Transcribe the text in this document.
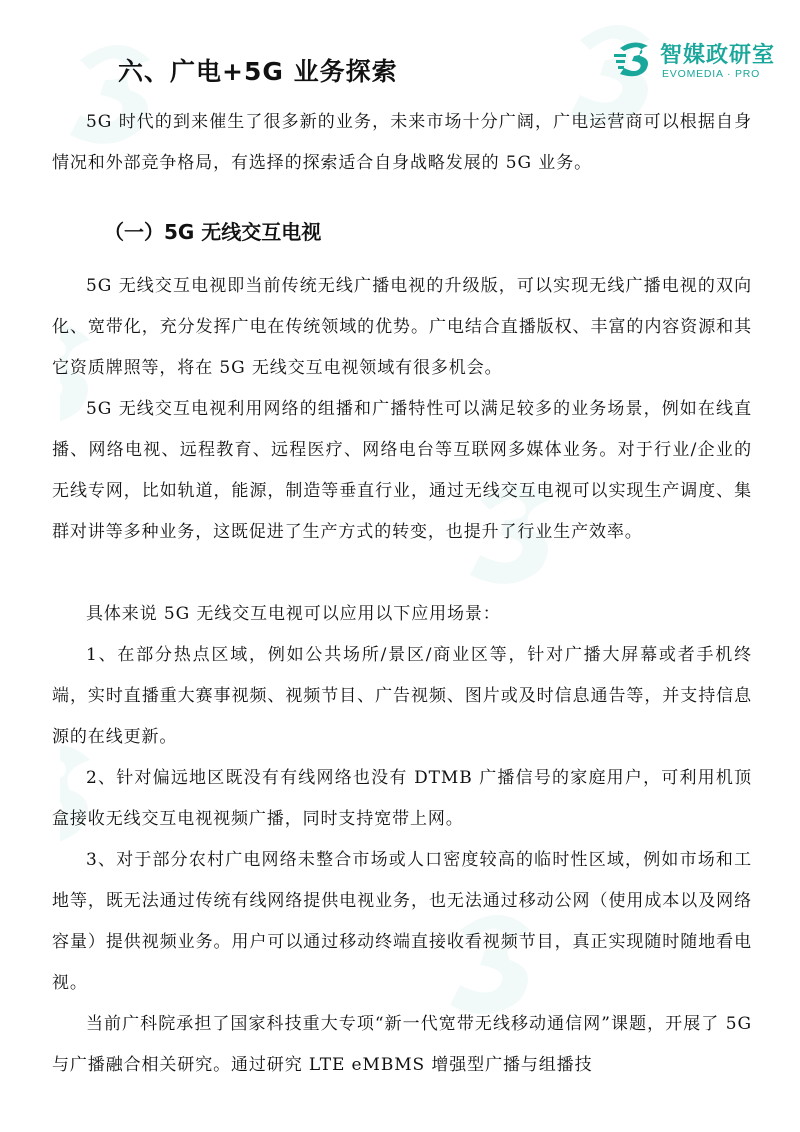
智媒政研室
EVOMEDIA · PRO
六、广电+5G 业务探索

5G 时代的到来催生了很多新的业务，未来市场十分广阔，广电运营商可以根据自身情况和外部竞争格局，有选择的探索适合自身战略发展的 5G 业务。

（一）5G 无线交互电视

5G 无线交互电视即当前传统无线广播电视的升级版，可以实现无线广播电视的双向化、宽带化，充分发挥广电在传统领域的优势。广电结合直播版权、丰富的内容资源和其它资质牌照等，将在 5G 无线交互电视领域有很多机会。

5G 无线交互电视利用网络的组播和广播特性可以满足较多的业务场景，例如在线直播、网络电视、远程教育、远程医疗、网络电台等互联网多媒体业务。对于行业/企业的无线专网，比如轨道，能源，制造等垂直行业，通过无线交互电视可以实现生产调度、集群对讲等多种业务，这既促进了生产方式的转变，也提升了行业生产效率。

具体来说 5G 无线交互电视可以应用以下应用场景：

1、在部分热点区域，例如公共场所/景区/商业区等，针对广播大屏幕或者手机终端，实时直播重大赛事视频、视频节目、广告视频、图片或及时信息通告等，并支持信息源的在线更新。

2、针对偏远地区既没有有线网络也没有 DTMB 广播信号的家庭用户，可利用机顶盒接收无线交互电视视频广播，同时支持宽带上网。

3、对于部分农村广电网络未整合市场或人口密度较高的临时性区域，例如市场和工地等，既无法通过传统有线网络提供电视业务，也无法通过移动公网（使用成本以及网络容量）提供视频业务。用户可以通过移动终端直接收看视频节目，真正实现随时随地看电视。

当前广科院承担了国家科技重大专项“新一代宽带无线移动通信网”课题，开展了 5G 与广播融合相关研究。通过研究 LTE eMBMS 增强型广播与组播技
